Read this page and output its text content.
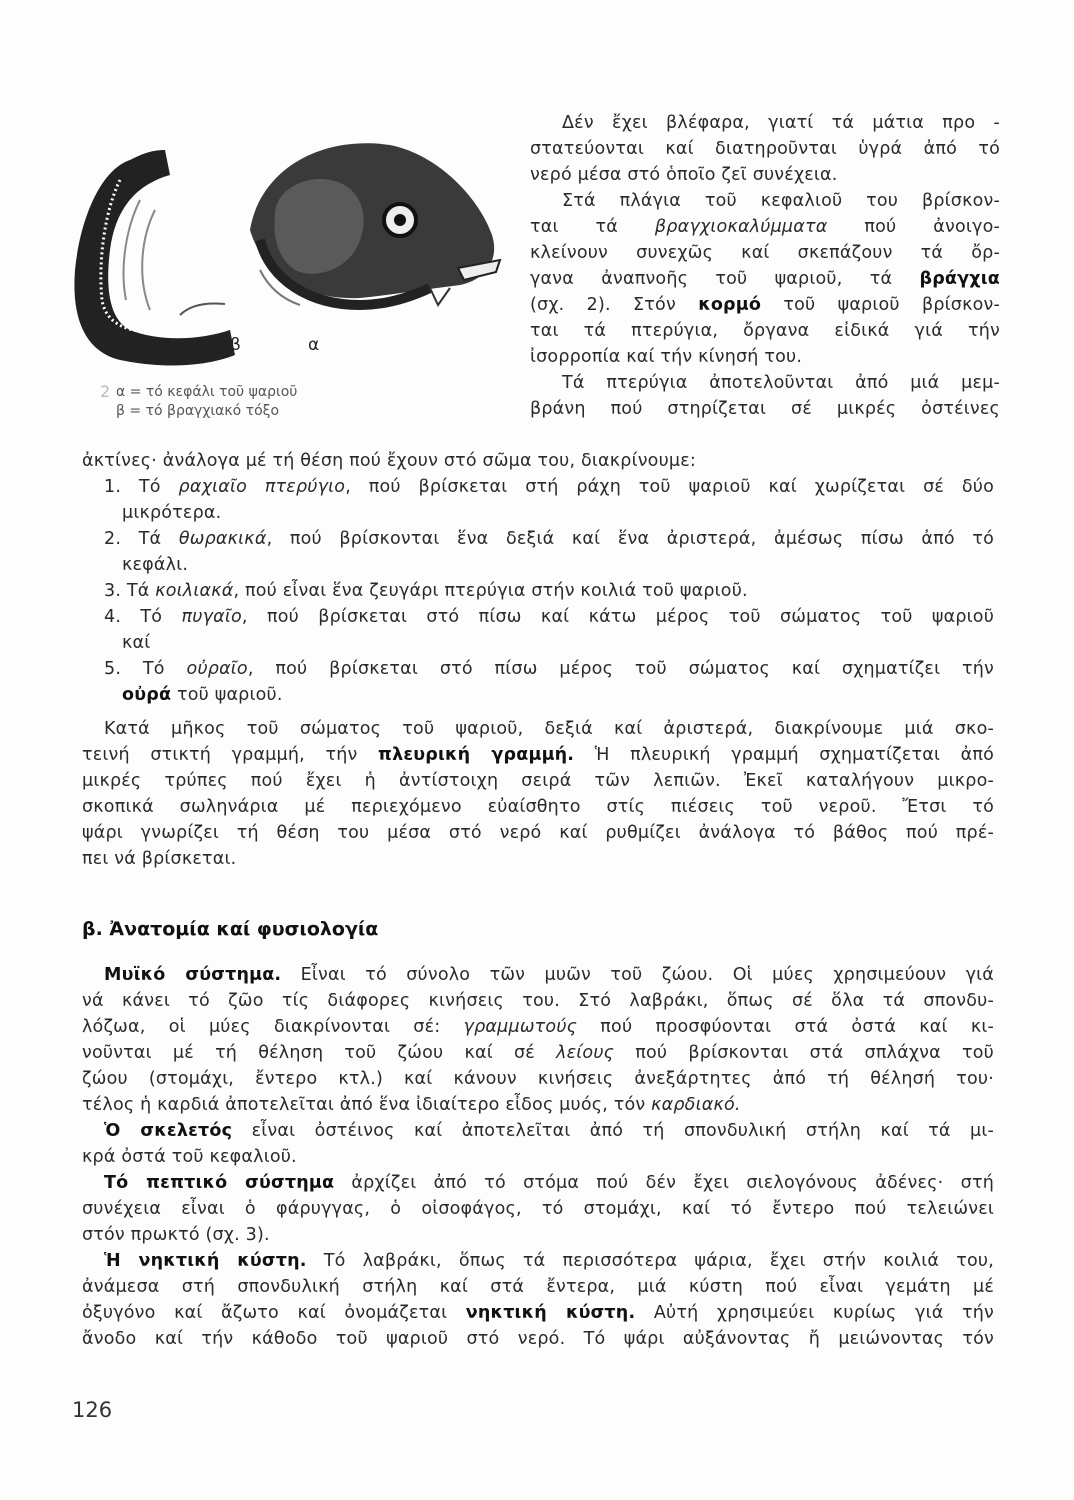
β	α
2 α = τό κεφάλι τοῦ ψαριοῦ
β = τό βραγχιακό τόξο
Δέν ἔχει βλέφαρα, γιατί τά μάτια προ -
στατεύονται καί διατηροῦνται ὑγρά ἀπό τό
νερό μέσα στό ὁποῖο ζεῖ συνέχεια.
Στά πλάγια τοῦ κεφαλιοῦ του βρίσκον-
ται τά βραγχιοκαλύμματα πού ἀνοιγο-
κλείνουν συνεχῶς καί σκεπάζουν τά ὄρ-
γανα ἀναπνοῆς τοῦ ψαριοῦ, τά βράγχια
(σχ. 2). Στόν κορμό τοῦ ψαριοῦ βρίσκον-
ται τά πτερύγια, ὄργανα εἰδικά γιά τήν
ἰσορροπία καί τήν κίνησή του.
Τά πτερύγια ἀποτελοῦνται ἀπό μιά μεμ-
βράνη πού στηρίζεται σέ μικρές ὀστέινες
ἀκτίνες· ἀνάλογα μέ τή θέση πού ἔχουν στό σῶμα του, διακρίνουμε:
1. Τό ραχιαῖο πτερύγιο, πού βρίσκεται στή ράχη τοῦ ψαριοῦ καί χωρίζεται σέ δύο
μικρότερα.
2. Τά θωρακικά, πού βρίσκονται ἕνα δεξιά καί ἕνα ἀριστερά, ἀμέσως πίσω ἀπό τό
κεφάλι.
3. Τά κοιλιακά, πού εἶναι ἕνα ζευγάρι πτερύγια στήν κοιλιά τοῦ ψαριοῦ.
4. Τό πυγαῖο, πού βρίσκεται στό πίσω καί κάτω μέρος τοῦ σώματος τοῦ ψαριοῦ
καί
5. Τό οὐραῖο, πού βρίσκεται στό πίσω μέρος τοῦ σώματος καί σχηματίζει τήν
οὐρά τοῦ ψαριοῦ.
Κατά μῆκος τοῦ σώματος τοῦ ψαριοῦ, δεξιά καί ἀριστερά, διακρίνουμε μιά σκο-
τεινή στικτή γραμμή, τήν πλευρική γραμμή. Ἡ πλευρική γραμμή σχηματίζεται ἀπό
μικρές τρύπες πού ἔχει ἡ ἀντίστοιχη σειρά τῶν λεπιῶν. Ἐκεῖ καταλήγουν μικρο-
σκοπικά σωληνάρια μέ περιεχόμενο εὐαίσθητο στίς πιέσεις τοῦ νεροῦ. Ἔτσι τό
ψάρι γνωρίζει τή θέση του μέσα στό νερό καί ρυθμίζει ἀνάλογα τό βάθος πού πρέ-
πει νά βρίσκεται.
β. Ἀνατομία καί φυσιολογία
Μυϊκό σύστημα. Εἶναι τό σύνολο τῶν μυῶν τοῦ ζώου. Οἱ μύες χρησιμεύουν γιά
νά κάνει τό ζῶο τίς διάφορες κινήσεις του. Στό λαβράκι, ὅπως σέ ὅλα τά σπονδυ-
λόζωα, οἱ μύες διακρίνονται σέ: γραμμωτούς πού προσφύονται στά ὀστά καί κι-
νοῦνται μέ τή θέληση τοῦ ζώου καί σέ λείους πού βρίσκονται στά σπλάχνα τοῦ
ζώου (στομάχι, ἔντερο κτλ.) καί κάνουν κινήσεις ἀνεξάρτητες ἀπό τή θέλησή του·
τέλος ἡ καρδιά ἀποτελεῖται ἀπό ἕνα ἰδιαίτερο εἶδος μυός, τόν καρδιακό.
Ὁ σκελετός εἶναι ὀστέινος καί ἀποτελεῖται ἀπό τή σπονδυλική στήλη καί τά μι-
κρά ὀστά τοῦ κεφαλιοῦ.
Τό πεπτικό σύστημα ἀρχίζει ἀπό τό στόμα πού δέν ἔχει σιελογόνους ἀδένες· στή
συνέχεια εἶναι ὁ φάρυγγας, ὁ οἰσοφάγος, τό στομάχι, καί τό ἔντερο πού τελειώνει
στόν πρωκτό (σχ. 3).
Ἡ νηκτική κύστη. Τό λαβράκι, ὅπως τά περισσότερα ψάρια, ἔχει στήν κοιλιά του,
ἀνάμεσα στή σπονδυλική στήλη καί στά ἔντερα, μιά κύστη πού εἶναι γεμάτη μέ
ὀξυγόνο καί ἄζωτο καί ὀνομάζεται νηκτική κύστη. Αὐτή χρησιμεύει κυρίως γιά τήν
ἄνοδο καί τήν κάθοδο τοῦ ψαριοῦ στό νερό. Τό ψάρι αὐξάνοντας ἤ μειώνοντας τόν
126
